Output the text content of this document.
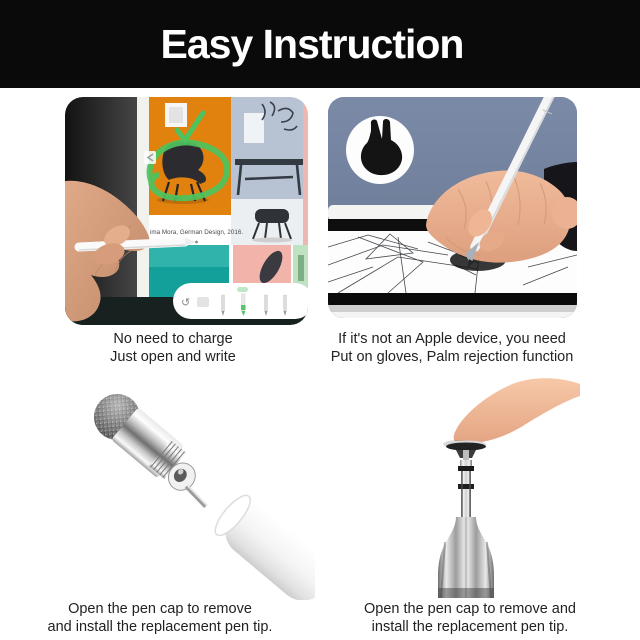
Easy Instruction
ima Mora, German Design, 2016.
↺
No need to charge
Just open and write
If it's not an Apple device, you need
Put on gloves, Palm rejection function
Open the pen cap to remove
and install the replacement pen tip.
Open the pen cap to remove and
install the replacement pen tip.
